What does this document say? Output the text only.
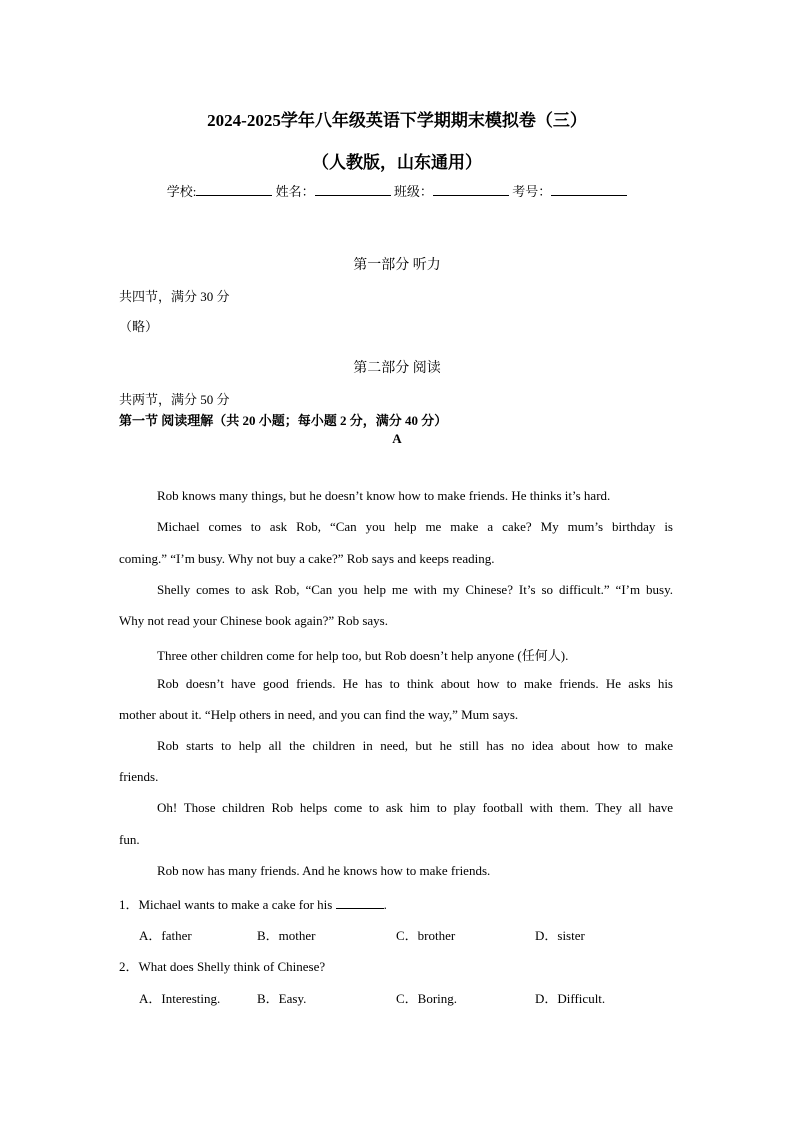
2024-2025学年八年级英语下学期期末模拟卷（三）
（人教版，山东通用）
学校:	姓名：	班级：	考号：
第一部分 听力
共四节，满分 30 分
（略）
第二部分 阅读
共两节，满分 50 分
第一节 阅读理解（共 20 小题；每小题 2 分，满分 40 分）
A
Rob knows many things, but he doesn’t know how to make friends. He thinks it’s hard.
Michael comes to ask Rob, “Can you help me make a cake? My mum’s birthday is
coming.” “I’m busy. Why not buy a cake?” Rob says and keeps reading.
Shelly comes to ask Rob, “Can you help me with my Chinese? It’s so difficult.” “I’m busy.
Why not read your Chinese book again?” Rob says.
Three other children come for help too, but Rob doesn’t help anyone (任何人).
Rob doesn’t have good friends. He has to think about how to make friends. He asks his
mother about it. “Help others in need, and you can find the way,” Mum says.
Rob starts to help all the children in need, but he still has no idea about how to make
friends.
Oh! Those children Rob helps come to ask him to play football with them. They all have
fun.
Rob now has many friends. And he knows how to make friends.
1．Michael wants to make a cake for his	.
A．father	B．mother	C．brother	D．sister
2．What does Shelly think of Chinese?
A．Interesting.	B．Easy.	C．Boring.	D．Difficult.
